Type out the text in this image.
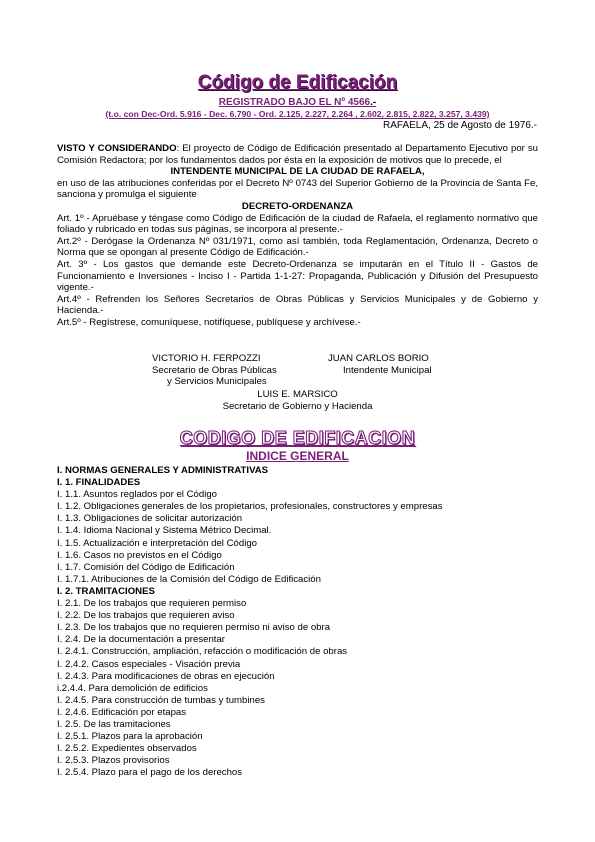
Código de Edificación
REGISTRADO BAJO EL Nº 4566.-
(t.o. con Dec-Ord. 5.916 - Dec. 6.790 - Ord. 2.125, 2.227, 2.264 , 2.602, 2.815, 2.822, 3.257, 3.439)
RAFAELA, 25 de Agosto de 1976.-
VISTO Y CONSIDERANDO: El proyecto de Código de Edificación presentado al Departamento Ejecutivo por su Comisión Redactora; por los fundamentos dados por ésta en la exposición de motivos que lo precede, el
INTENDENTE MUNICIPAL DE LA CIUDAD DE RAFAELA,
en uso de las atribuciones conferidas por el Decreto Nº 0743 del Superior Gobierno de la Provincia de Santa Fe, sanciona y promulga el siguiente
DECRETO-ORDENANZA
Art. 1º - Apruébase y téngase como Código de Edificación de la ciudad de Rafaela, el reglamento normativo que foliado y rubricado en todas sus páginas, se incorpora al presente.-
Art.2º - Derógase la Ordenanza Nº 031/1971, como así también, toda Reglamentación, Ordenanza, Decreto o Norma que se opongan al presente Código de Edificación.-
Art. 3º - Los gastos que demande este Decreto-Ordenanza se imputarán en el Título II - Gastos de Funcionamiento e Inversiones - Inciso I - Partida 1-1-27: Propaganda, Publicación y Difusión del Presupuesto vigente.-
Art.4º - Refrenden los Señores Secretarios de Obras Públicas y Servicios Municipales y de Gobierno y Hacienda.-
Art.5º - Regístrese, comuníquese, notifíquese, publíquese y archívese.-
VICTORIO H. FERPOZZI
Secretario de Obras Públicas
y Servicios Municipales
JUAN CARLOS BORIO
Intendente Municipal
LUIS E. MARSICO
Secretario de Gobierno y Hacienda
CODIGO DE EDIFICACION
INDICE GENERAL
I. NORMAS GENERALES Y ADMINISTRATIVAS
I. 1. FINALIDADES
I. 1.1. Asuntos reglados por el Código
I. 1.2. Obligaciones generales de los propietarios, profesionales, constructores y empresas
I. 1.3. Obligaciones de solicitar autorización
I. 1.4. Idioma Nacional y Sistema Métrico Decimal.
I. 1.5. Actualización e interpretación del Código
I. 1.6. Casos no previstos en el Código
I. 1.7. Comisión del Código de Edificación
I. 1.7.1. Atribuciones de la Comisión del Código de Edificación
I. 2. TRAMITACIONES
I. 2.1. De los trabajos que requieren permiso
I. 2.2. De los trabajos que requieren aviso
I. 2.3. De los trabajos que no requieren permiso ni aviso de obra
I. 2.4. De la documentación a presentar
I. 2.4.1. Construcción, ampliación, refacción o modificación de obras
I. 2.4.2. Casos especiales - Visación previa
I. 2.4.3. Para modificaciones de obras en ejecución
i.2.4.4. Para demolición de edificios
I. 2.4.5. Para construcción de tumbas y tumbines
I. 2.4.6. Edificación por etapas
I. 2.5. De las tramitaciones
I. 2.5.1. Plazos para la aprobación
I. 2.5.2. Expedientes observados
I. 2.5.3. Plazos provisorios
I. 2.5.4. Plazo para el pago de los derechos
